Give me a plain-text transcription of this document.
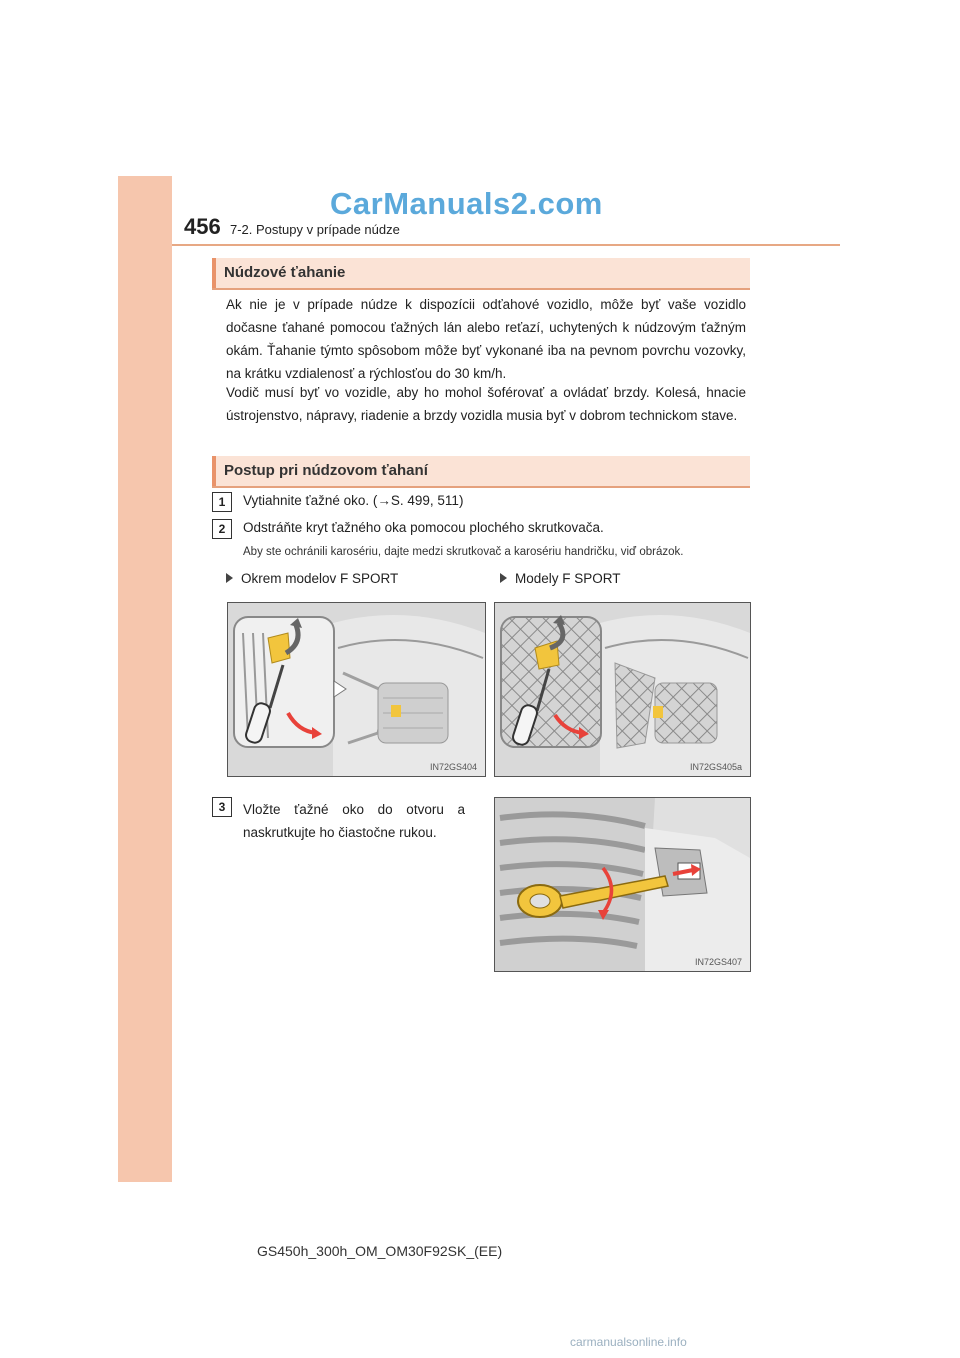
CarManuals2.com
456 7-2. Postupy v prípade núdze
Núdzové ťahanie

Ak nie je v prípade núdze k dispozícii odťahové vozidlo, môže byť vaše vozidlo dočasne ťahané pomocou ťažných lán alebo reťazí, uchytených k núdzovým ťažným okám. Ťahanie týmto spôsobom môže byť vykonané iba na pevnom povrchu vozovky, na krátku vzdialenosť a rýchlosťou do 30 km/h.

Vodič musí byť vo vozidle, aby ho mohol šoférovať a ovládať brzdy. Kolesá, hnacie ústrojenstvo, nápravy, riadenie a brzdy vozidla musia byť v dobrom technickom stave.

Postup pri núdzovom ťahaní
1	Vytiahnite ťažné oko. (→S. 499, 511)
2	Odstráňte kryt ťažného oka pomocou plochého skrutkovača.
Aby ste ochránili karosériu, dajte medzi skrutkovač a karosériu handričku, viď obrázok.
Okrem modelov F SPORT	Modely F SPORT
IN72GS404	IN72GS405a
3	Vložte ťažné oko do otvoru a naskrutkujte ho čiastočne rukou.
IN72GS407
GS450h_300h_OM_OM30F92SK_(EE)
carmanualsonline.info
